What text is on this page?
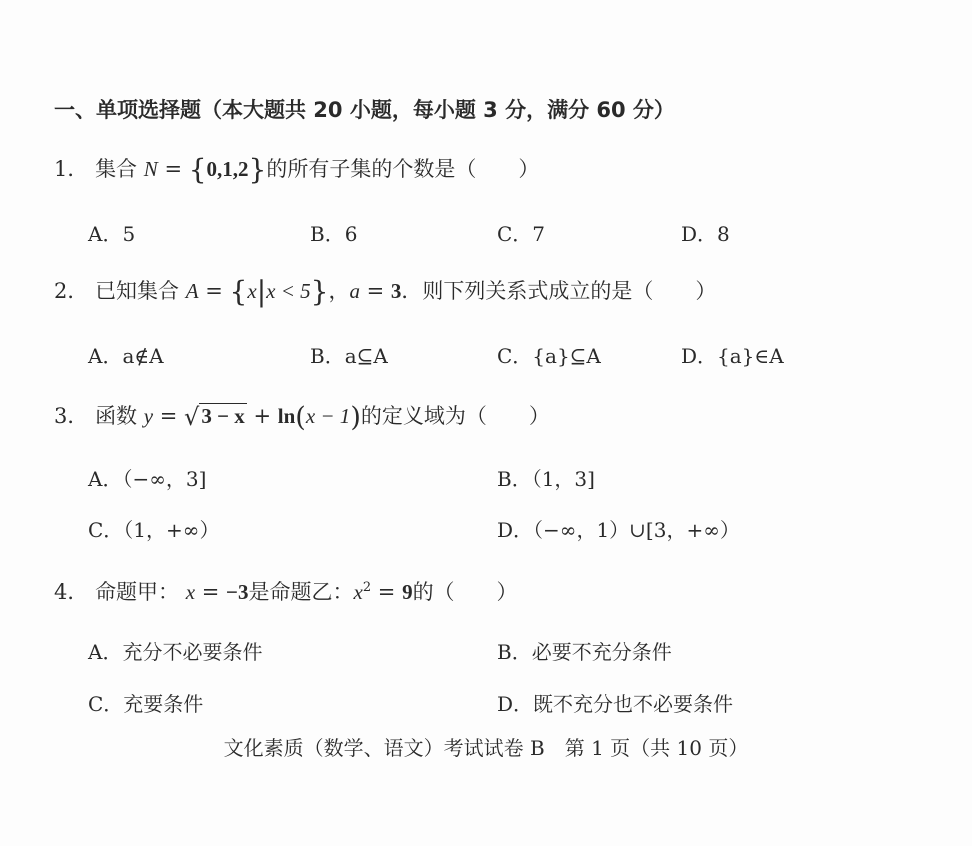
一、单项选择题（本大题共 20 小题，每小题 3 分，满分 60 分）
1． 集合 N = {0,1,2}的所有子集的个数是（　　）
A．5	B．6	C．7	D．8
2． 已知集合 A = {x|x < 5}，a = 3．则下列关系式成立的是（　　）
A．a∉A	B．a⊆A	C．{a}⊆A	D．{a}∈A
3． 函数 y = √3 − x + ln(x − 1)的定义域为（　　）
A．（−∞，3]	B．（1，3]
C．（1，+∞）	D．（−∞，1）∪[3，+∞）
4． 命题甲： x = −3是命题乙：$x^2 = 9$的（　　）
A．充分不必要条件	B．必要不充分条件
C．充要条件	D．既不充分也不必要条件
文化素质（数学、语文）考试试卷 B　第 1 页（共 10 页）
